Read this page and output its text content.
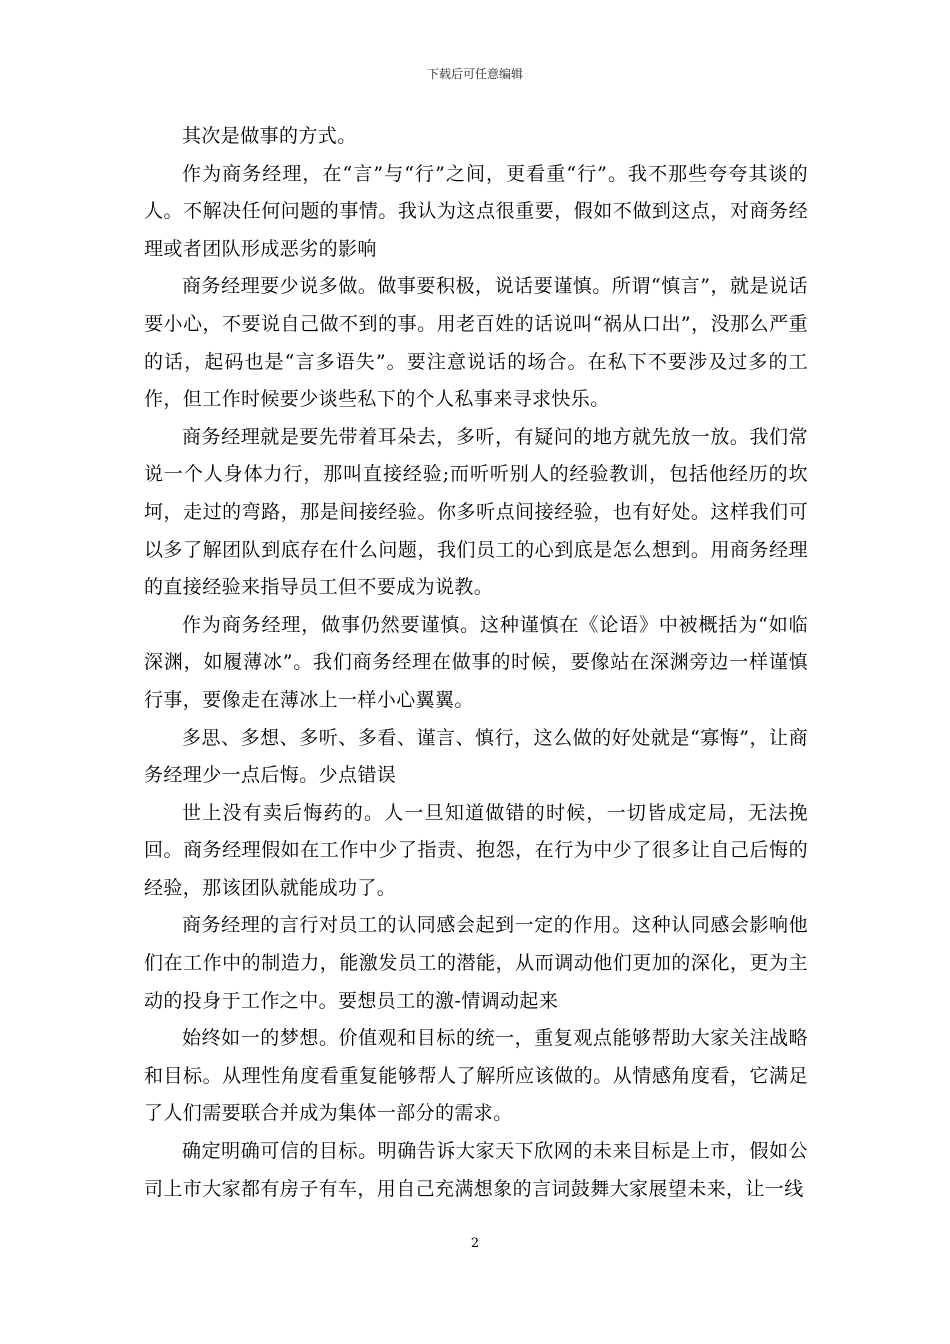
下载后可任意编辑

其次是做事的方式。

作为商务经理，在“言”与“行”之间，更看重“行”。我不那些夸夸其谈的人。不解决任何问题的事情。我认为这点很重要，假如不做到这点，对商务经理或者团队形成恶劣的影响

商务经理要少说多做。做事要积极，说话要谨慎。所谓“慎言”，就是说话要小心，不要说自己做不到的事。用老百姓的话说叫“祸从口出”，没那么严重的话，起码也是“言多语失”。要注意说话的场合。在私下不要涉及过多的工作，但工作时候要少谈些私下的个人私事来寻求快乐。

商务经理就是要先带着耳朵去，多听，有疑问的地方就先放一放。我们常说一个人身体力行，那叫直接经验;而听听别人的经验教训，包括他经历的坎坷，走过的弯路，那是间接经验。你多听点间接经验，也有好处。这样我们可以多了解团队到底存在什么问题，我们员工的心到底是怎么想到。用商务经理的直接经验来指导员工但不要成为说教。

作为商务经理，做事仍然要谨慎。这种谨慎在《论语》中被概括为“如临深渊，如履薄冰”。我们商务经理在做事的时候，要像站在深渊旁边一样谨慎行事，要像走在薄冰上一样小心翼翼。

多思、多想、多听、多看、谨言、慎行，这么做的好处就是“寡悔”，让商务经理少一点后悔。少点错误

世上没有卖后悔药的。人一旦知道做错的时候，一切皆成定局，无法挽回。商务经理假如在工作中少了指责、抱怨，在行为中少了很多让自己后悔的经验，那该团队就能成功了。

商务经理的言行对员工的认同感会起到一定的作用。这种认同感会影响他们在工作中的制造力，能激发员工的潜能，从而调动他们更加的深化，更为主动的投身于工作之中。要想员工的激-情调动起来

始终如一的梦想。价值观和目标的统一，重复观点能够帮助大家关注战略和目标。从理性角度看重复能够帮人了解所应该做的。从情感角度看，它满足了人们需要联合并成为集体一部分的需求。

确定明确可信的目标。明确告诉大家天下欣网的未来目标是上市，假如公司上市大家都有房子有车，用自己充满想象的言词鼓舞大家展望未来，让一线

2
